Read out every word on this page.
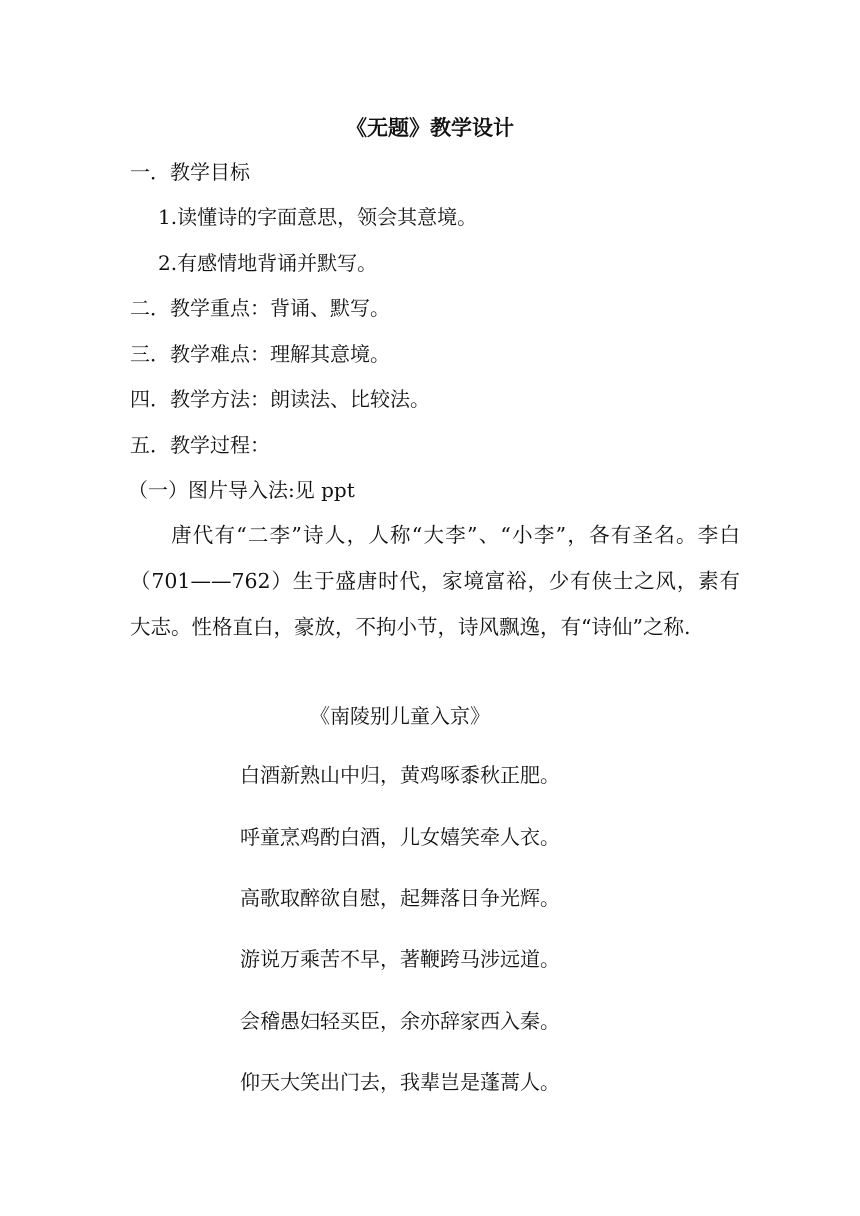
《无题》教学设计
一．教学目标
1.读懂诗的字面意思，领会其意境。
2.有感情地背诵并默写。
二．教学重点：背诵、默写。
三．教学难点：理解其意境。
四．教学方法：朗读法、比较法。
五．教学过程：
（一）图片导入法:见 ppt
唐代有“二李”诗人，人称“大李”、“小李”，各有圣名。李白（701——762）生于盛唐时代，家境富裕，少有侠士之风，素有大志。性格直白，豪放，不拘小节，诗风飘逸，有“诗仙”之称.
《南陵别儿童入京》
白酒新熟山中归，黄鸡啄黍秋正肥。
呼童烹鸡酌白酒，儿女嬉笑牵人衣。
高歌取醉欲自慰，起舞落日争光辉。
游说万乘苦不早，著鞭跨马涉远道。
会稽愚妇轻买臣，余亦辞家西入秦。
仰天大笑出门去，我辈岂是蓬蒿人。
